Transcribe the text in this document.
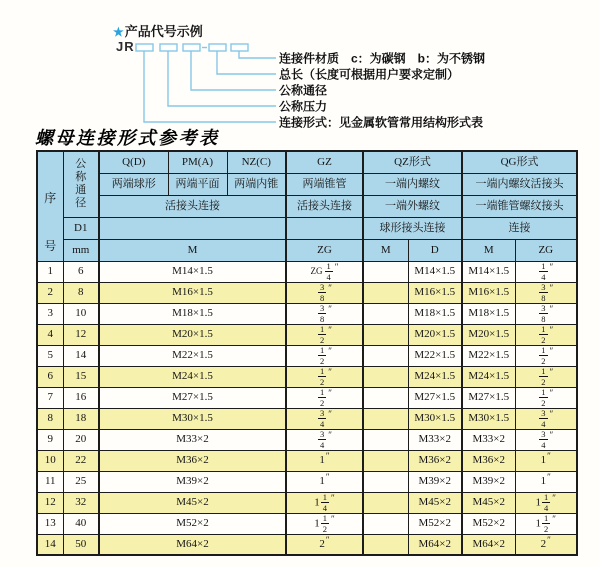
★产品代号示例
JR
连接件材质　c：为碳钢　b：为不锈钢
总长（长度可根据用户要求定制）
公称通径
公称压力
连接形式：见金属软管常用结构形式表
螺母连接形式参考表
序
号	公
称
通
径	Q(D)	PM(A)	NZ(C)	GZ	QZ形式		QG形式	
		两端球形	两端平面	两端内锥	两端锥管	一端内螺纹		一端内螺纹活接头	
		活接头连接			活接头连接	一端外螺纹		一端锥管螺纹接头	
	D1					球形接头连接		连接	
	mm	M			ZG	M	D	M	ZG
1	6	M14×1.5			ZG $\frac{1}{4} ''$		M14×1.5	M14×1.5	$\frac{1}{4} ''$
2	8	M16×1.5			$\frac{3}{8} ''$		M16×1.5	M16×1.5	$\frac{3}{8} ''$
3	10	M18×1.5			$\frac{3}{8} ''$		M18×1.5	M18×1.5	$\frac{3}{8} ''$
4	12	M20×1.5			$\frac{1}{2} ''$		M20×1.5	M20×1.5	$\frac{1}{2} ''$
5	14	M22×1.5			$\frac{1}{2} ''$		M22×1.5	M22×1.5	$\frac{1}{2} ''$
6	15	M24×1.5			$\frac{1}{2} ''$		M24×1.5	M24×1.5	$\frac{1}{2} ''$
7	16	M27×1.5			$\frac{1}{2} ''$		M27×1.5	M27×1.5	$\frac{1}{2} ''$
8	18	M30×1.5			$\frac{3}{4} ''$		M30×1.5	M30×1.5	$\frac{3}{4} ''$
9	20	M33×2			$\frac{3}{4} ''$		M33×2	M33×2	$\frac{3}{4} ''$
10	22	M36×2			1″		M36×2	M36×2	1″
11	25	M39×2			1″		M39×2	M39×2	1″
12	32	M45×2			$1 \frac{1}{4} ''$		M45×2	M45×2	$1 \frac{1}{4} ''$
13	40	M52×2			$1 \frac{1}{2} ''$		M52×2	M52×2	$1 \frac{1}{2} ''$
14	50	M64×2			2″		M64×2	M64×2	2″
